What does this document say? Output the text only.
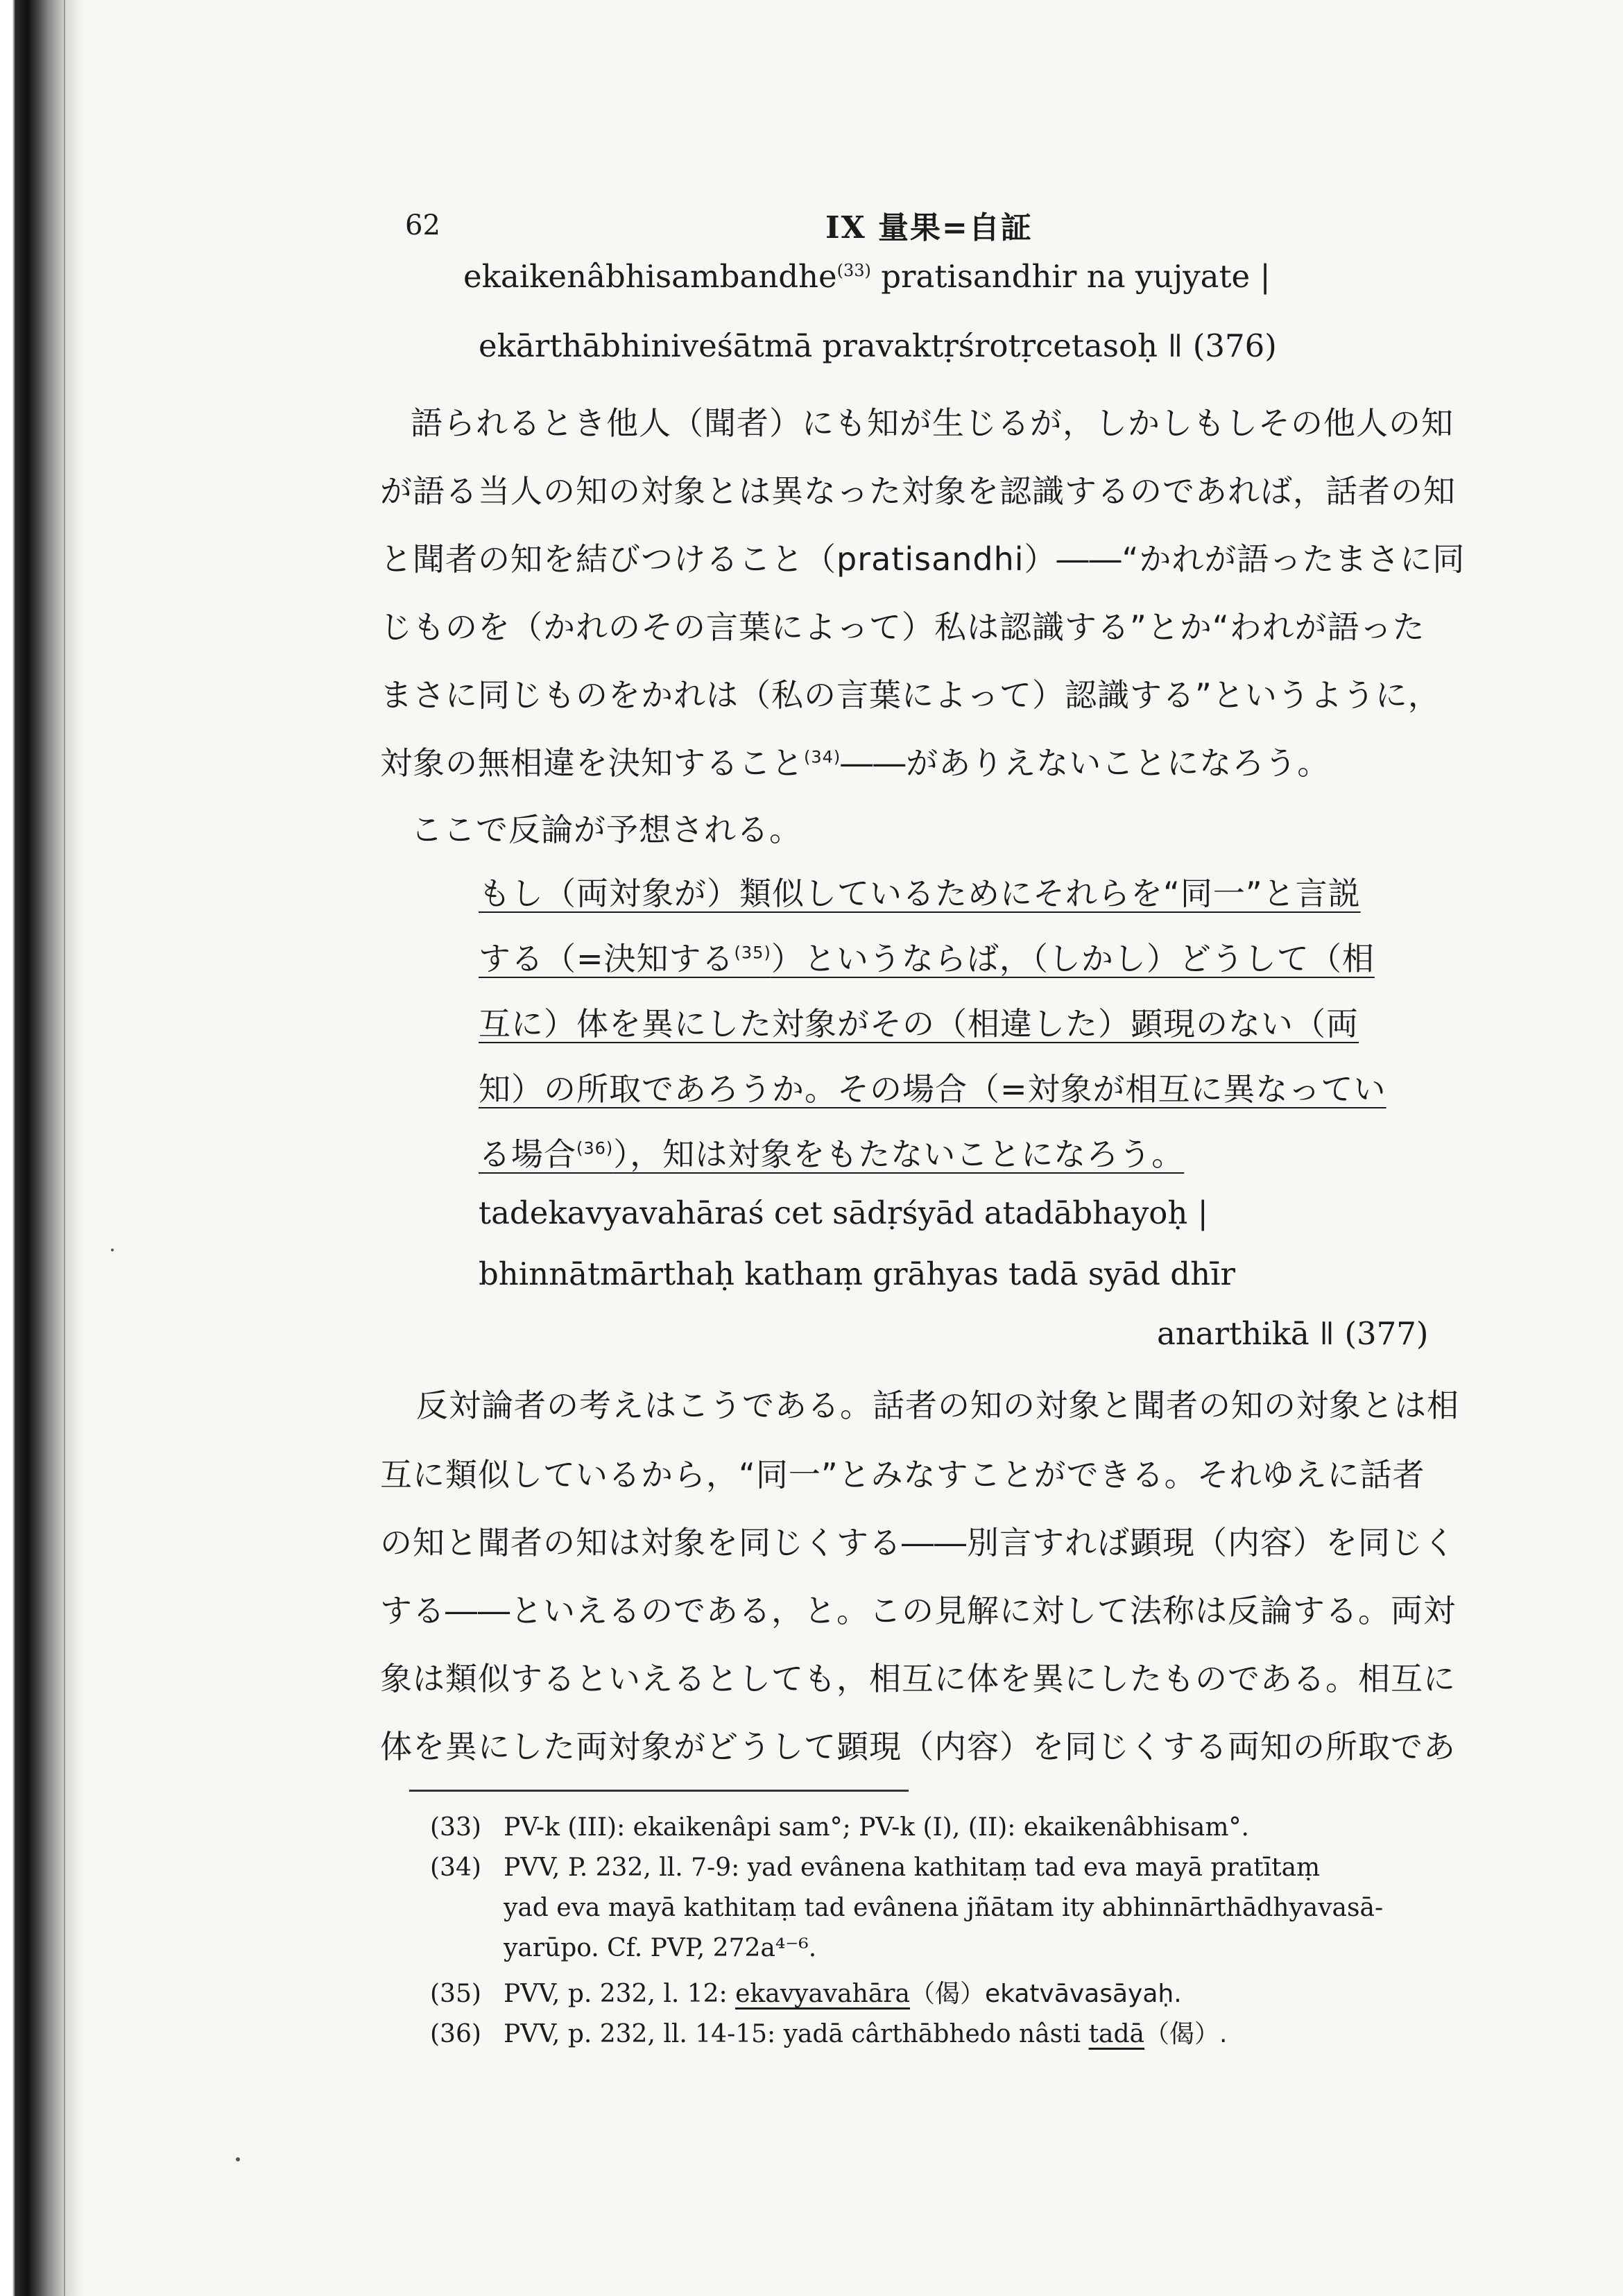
62	IX 量果=自証
ekaikenâbhisambandhe$^{(33)}$ pratisandhir na yujyate |
ekārthābhiniveśātmā pravaktṛśrotṛcetasoḥ ǁ (376)
語られるとき他人（聞者）にも知が生じるが，しかしもしその他人の知
が語る当人の知の対象とは異なった対象を認識するのであれば，話者の知
と聞者の知を結びつけること（pratisandhi）――“かれが語ったまさに同
じものを（かれのその言葉によって）私は認識する”とか“われが語った
まさに同じものをかれは（私の言葉によって）認識する”というように，
対象の無相違を決知すること$^{(34)}$――がありえないことになろう。
ここで反論が予想される。
もし（両対象が）類似しているためにそれらを“同一”と言説
する（=決知する$^{(35)}$）というならば，（しかし）どうして（相
互に）体を異にした対象がその（相違した）顕現のない（両
知）の所取であろうか。その場合（=対象が相互に異なってい
る場合$^{(36)}$），知は対象をもたないことになろう。
tadekavyavahāraś cet sādṛśyād atadābhayoḥ |
bhinnātmārthaḥ kathaṃ grāhyas tadā syād dhīr
anarthikā ǁ (377)
反対論者の考えはこうである。話者の知の対象と聞者の知の対象とは相
互に類似しているから，“同一”とみなすことができる。それゆえに話者
の知と聞者の知は対象を同じくする――別言すれば顕現（内容）を同じく
する――といえるのである，と。この見解に対して法称は反論する。両対
象は類似するといえるとしても，相互に体を異にしたものである。相互に
体を異にした両対象がどうして顕現（内容）を同じくする両知の所取であ
(33) PV-k (III): ekaikenâpi sam°; PV-k (I), (II): ekaikenâbhisam°.
(34) PVV, P. 232, ll. 7-9: yad evânena kathitaṃ tad eva mayā pratītaṃ
yad eva mayā kathitaṃ tad evânena jñātam ity abhinnārthādhyavasā-
yarūpo. Cf. PVP, 272a⁴⁻⁶.
(35) PVV, p. 232, l. 12: ekavyavahāra（偈）ekatvāvasāyaḥ.
(36) PVV, p. 232, ll. 14-15: yadā cârthābhedo nâsti tadā（偈）.
